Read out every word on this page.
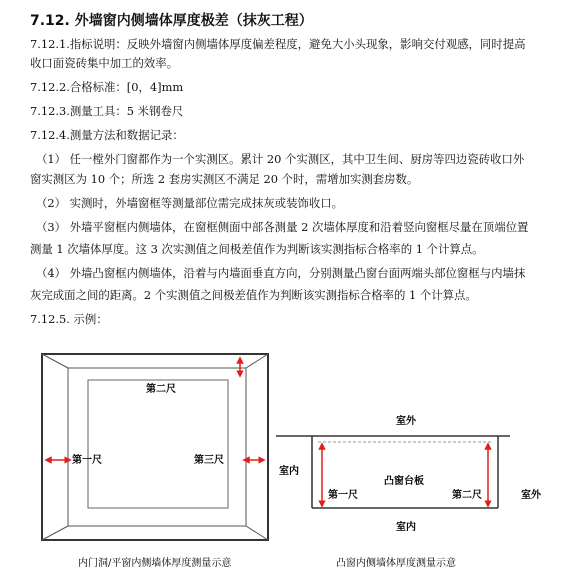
7.12. 外墙窗内侧墙体厚度极差（抹灰工程）
7.12.1.指标说明：反映外墙窗内侧墙体厚度偏差程度，避免大小头现象，影响交付观感，同时提高
收口面瓷砖集中加工的效率。
7.12.2.合格标准：[0，4]mm
7.12.3.测量工具：5 米钢卷尺
7.12.4.测量方法和数据记录：
（1） 任一樘外门窗都作为一个实测区。累计 20 个实测区，其中卫生间、厨房等四边瓷砖收口外
窗实测区为 10 个；所选 2 套房实测区不满足 20 个时，需增加实测套房数。
（2） 实测时，外墙窗框等测量部位需完成抹灰或装饰收口。
（3） 外墙平窗框内侧墙体，在窗框侧面中部各测量 2 次墙体厚度和沿着竖向窗框尽量在顶端位置
测量 1 次墙体厚度。这 3 次实测值之间极差值作为判断该实测指标合格率的 1 个计算点。
（4） 外墙凸窗框内侧墙体，沿着与内墙面垂直方向，分别测量凸窗台面两端头部位窗框与内墙抹
灰完成面之间的距离。2 个实测值之间极差值作为判断该实测指标合格率的 1 个计算点。
7.12.5. 示例：
第一尺
第二尺
第三尺
内门洞/平窗内侧墙体厚度测量示意
室外
室内
凸窗台板
第一尺	第二尺	室外
室内
凸窗内侧墙体厚度测量示意
